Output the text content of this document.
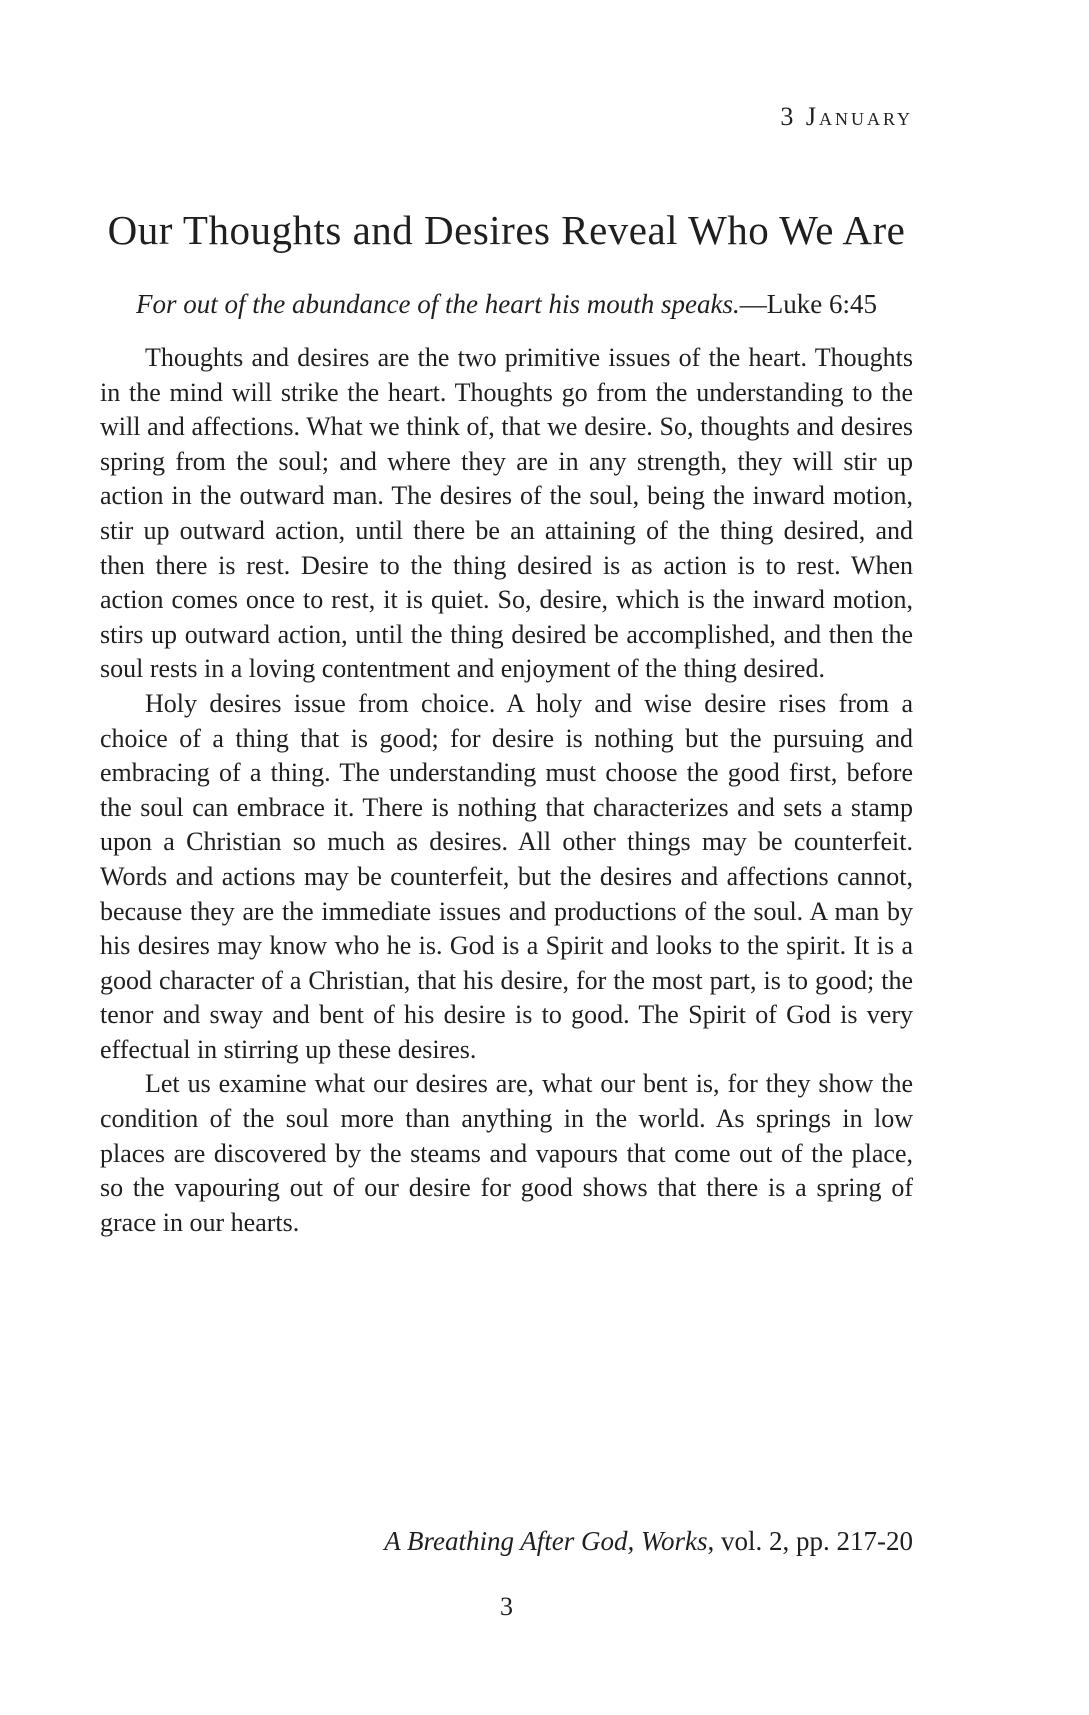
3 January
Our Thoughts and Desires Reveal Who We Are

For out of the abundance of the heart his mouth speaks.—Luke 6:45

Thoughts and desires are the two primitive issues of the heart. Thoughts in the mind will strike the heart. Thoughts go from the understanding to the will and affections. What we think of, that we desire. So, thoughts and desires spring from the soul; and where they are in any strength, they will stir up action in the outward man. The desires of the soul, being the inward motion, stir up outward action, until there be an attaining of the thing desired, and then there is rest. Desire to the thing desired is as action is to rest. When action comes once to rest, it is quiet. So, desire, which is the inward motion, stirs up outward action, until the thing desired be accomplished, and then the soul rests in a loving contentment and enjoyment of the thing desired.

Holy desires issue from choice. A holy and wise desire rises from a choice of a thing that is good; for desire is nothing but the pursuing and embracing of a thing. The understanding must choose the good first, before the soul can embrace it. There is nothing that characterizes and sets a stamp upon a Christian so much as desires. All other things may be counterfeit. Words and actions may be counterfeit, but the desires and affections cannot, because they are the immediate issues and productions of the soul. A man by his desires may know who he is. God is a Spirit and looks to the spirit. It is a good character of a Christian, that his desire, for the most part, is to good; the tenor and sway and bent of his desire is to good. The Spirit of God is very effectual in stirring up these desires.

Let us examine what our desires are, what our bent is, for they show the condition of the soul more than anything in the world. As springs in low places are discovered by the steams and vapours that come out of the place, so the vapouring out of our desire for good shows that there is a spring of grace in our hearts.

A Breathing After God, Works, vol. 2, pp. 217-20

3
